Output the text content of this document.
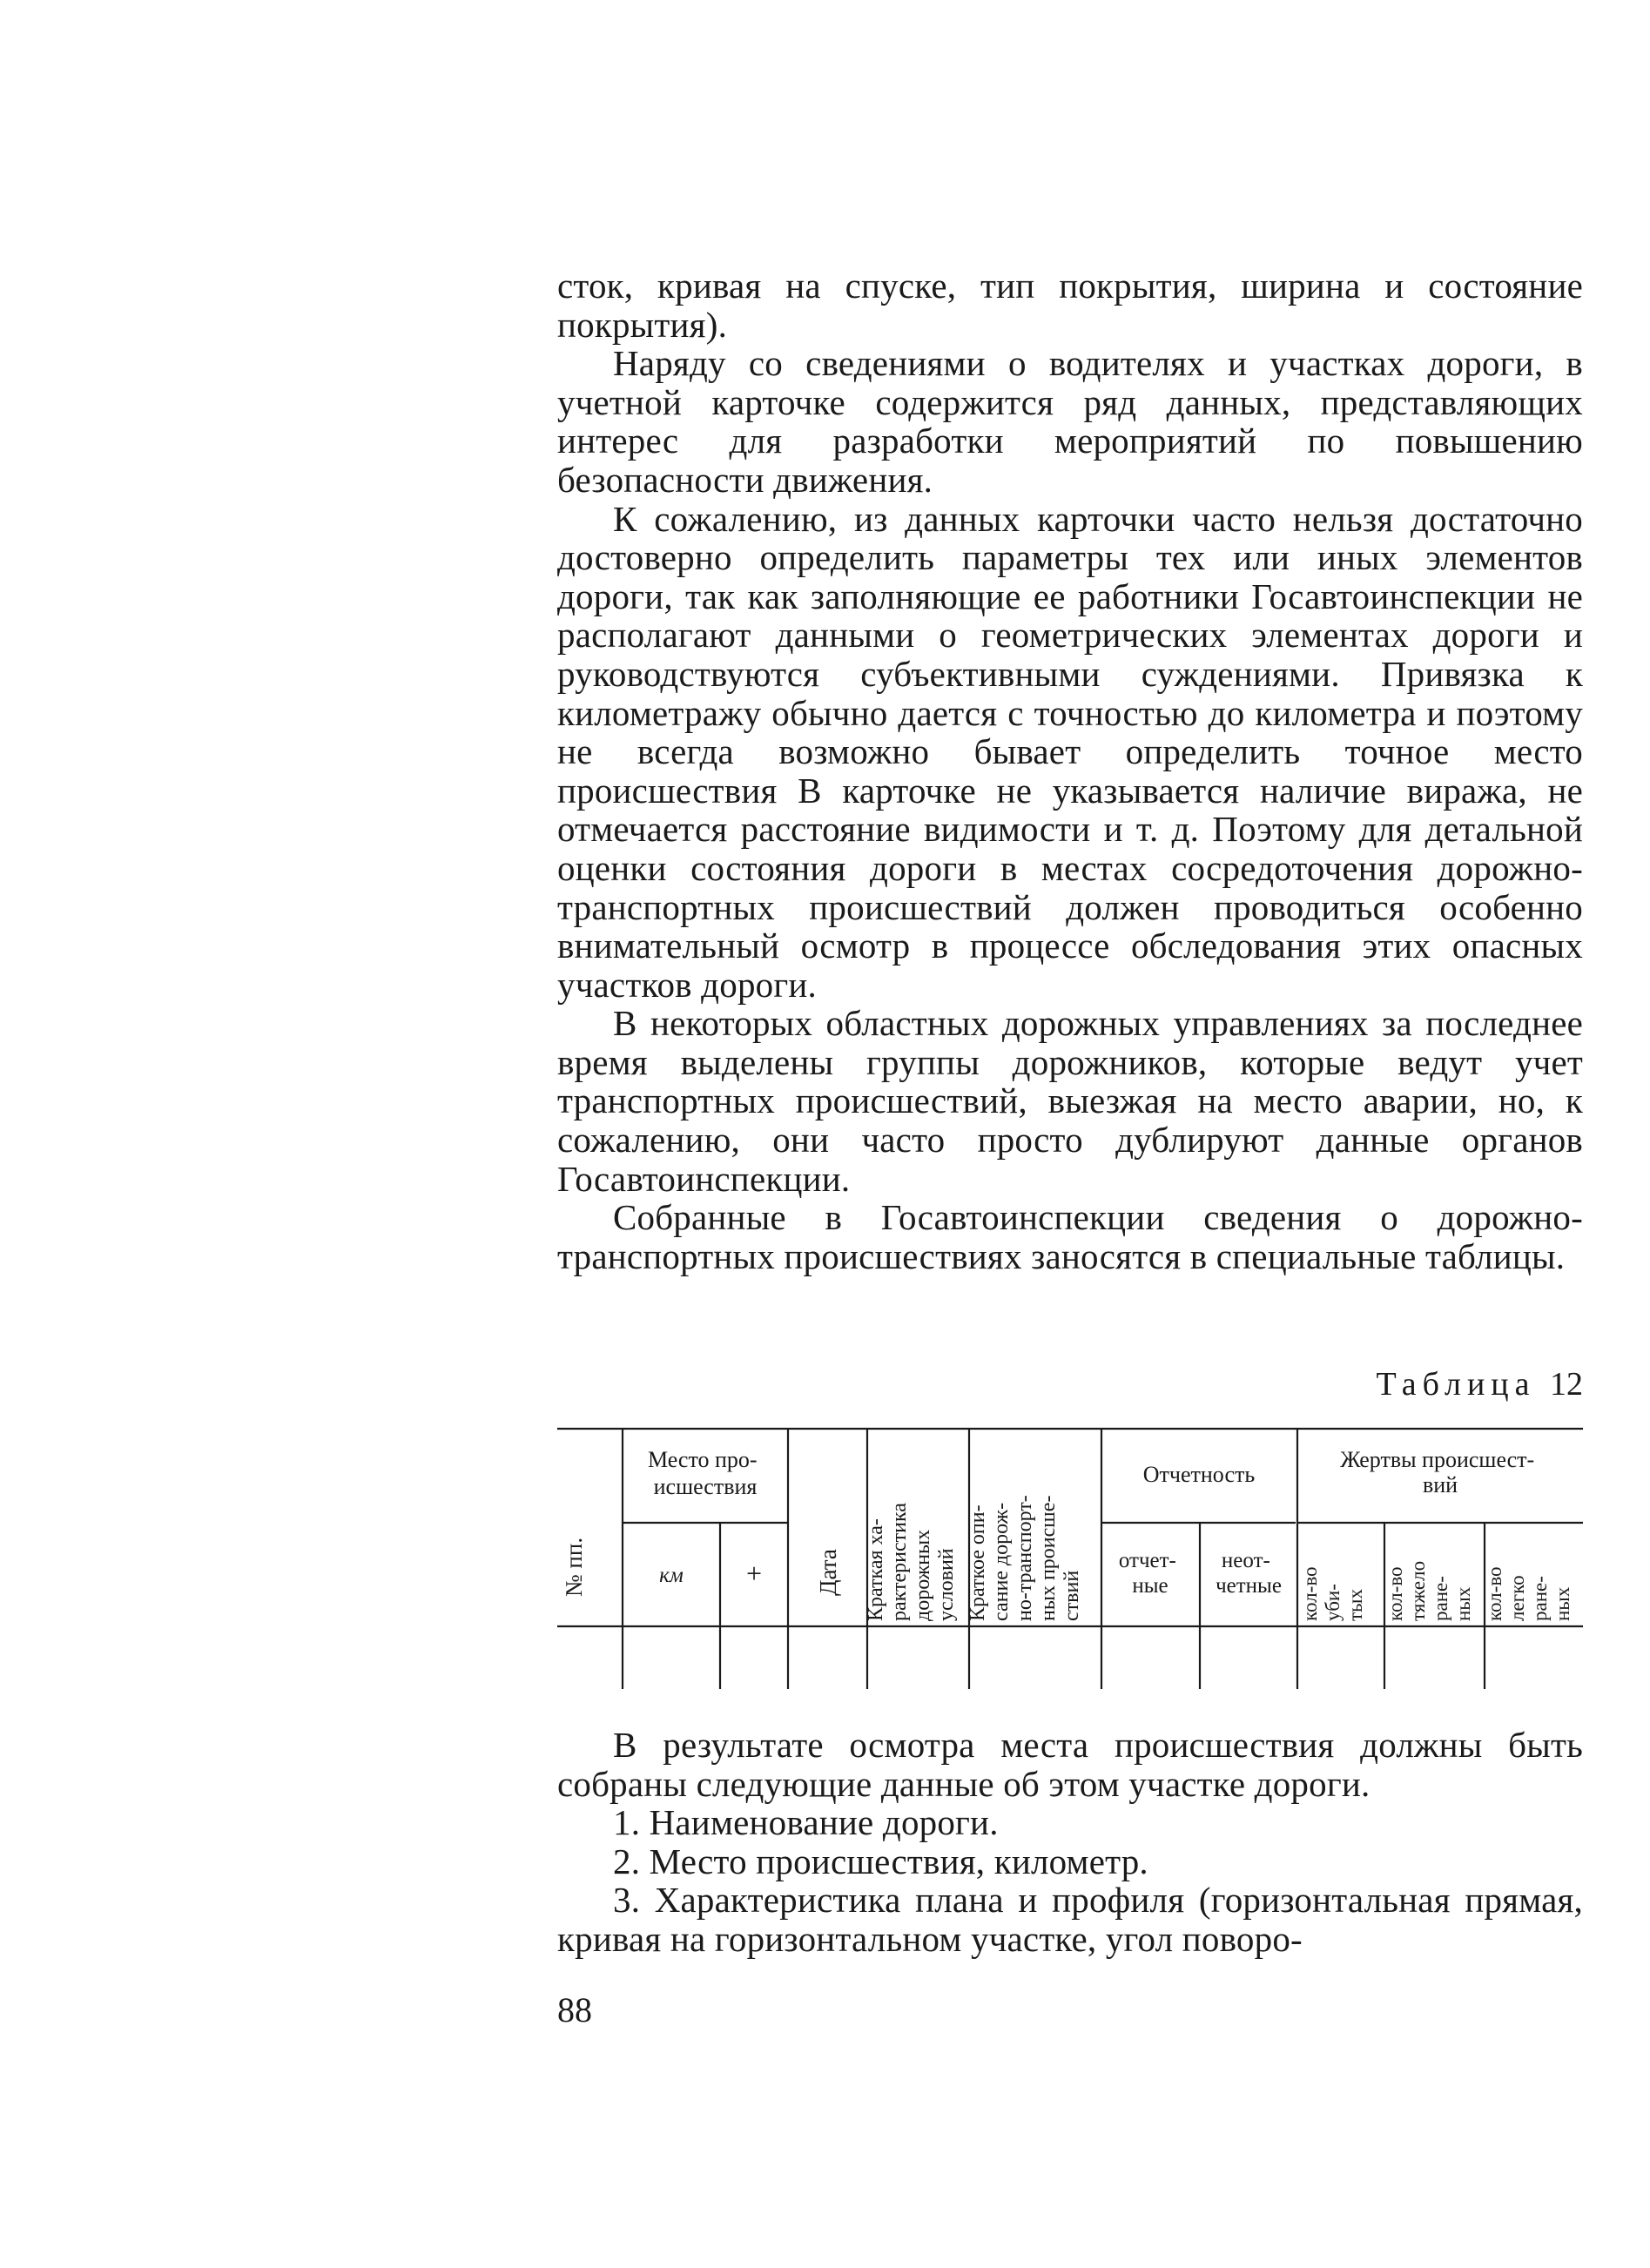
сток, кривая на спуске, тип покрытия, ширина и состояние покрытия).

Наряду со сведениями о водителях и участках дороги, в учетной карточке содержится ряд данных, представляющих интерес для разработки мероприятий по повышению безопасности движения.

К сожалению, из данных карточки часто нельзя достаточно достоверно определить параметры тех или иных элементов дороги, так как заполняющие ее работники Госавтоинспекции не располагают данными о геометрических элементах дороги и руководствуются субъективными суждениями. Привязка к километражу обычно дается с точностью до километра и поэтому не всегда возможно бывает определить точное место происшествия В карточке не указывается наличие виража, не отмечается расстояние видимости и т. д. Поэтому для детальной оценки состояния дороги в местах сосредоточения дорожно-транспортных происшествий должен проводиться особенно внимательный осмотр в процессе обследования этих опасных участков дороги.

В некоторых областных дорожных управлениях за последнее время выделены группы дорожников, которые ведут учет транспортных происшествий, выезжая на место аварии, но, к сожалению, они часто просто дублируют данные органов Госавтоинспекции.

Собранные в Госавтоинспекции сведения о дорожно-транспортных происшествиях заносятся в специальные таблицы.

Таблица 12
№ пп.
Место про- исшествия
км + Дата Краткая ха- рактеристика дорожных условий Краткое опи- сание дорож- но-транспорт- ных происше- ствий
Отчетность
отчет- ные
неот- четные
Жертвы происшест- вий
кол-во уби- тых кол-во тяжело ране- ных кол-во легко ране- ных

В результате осмотра места происшествия должны быть собраны следующие данные об этом участке дороги.

1. Наименование дороги.

2. Место происшествия, километр.

3. Характеристика плана и профиля (горизонтальная прямая, кривая на горизонтальном участке, угол поворо-

88
